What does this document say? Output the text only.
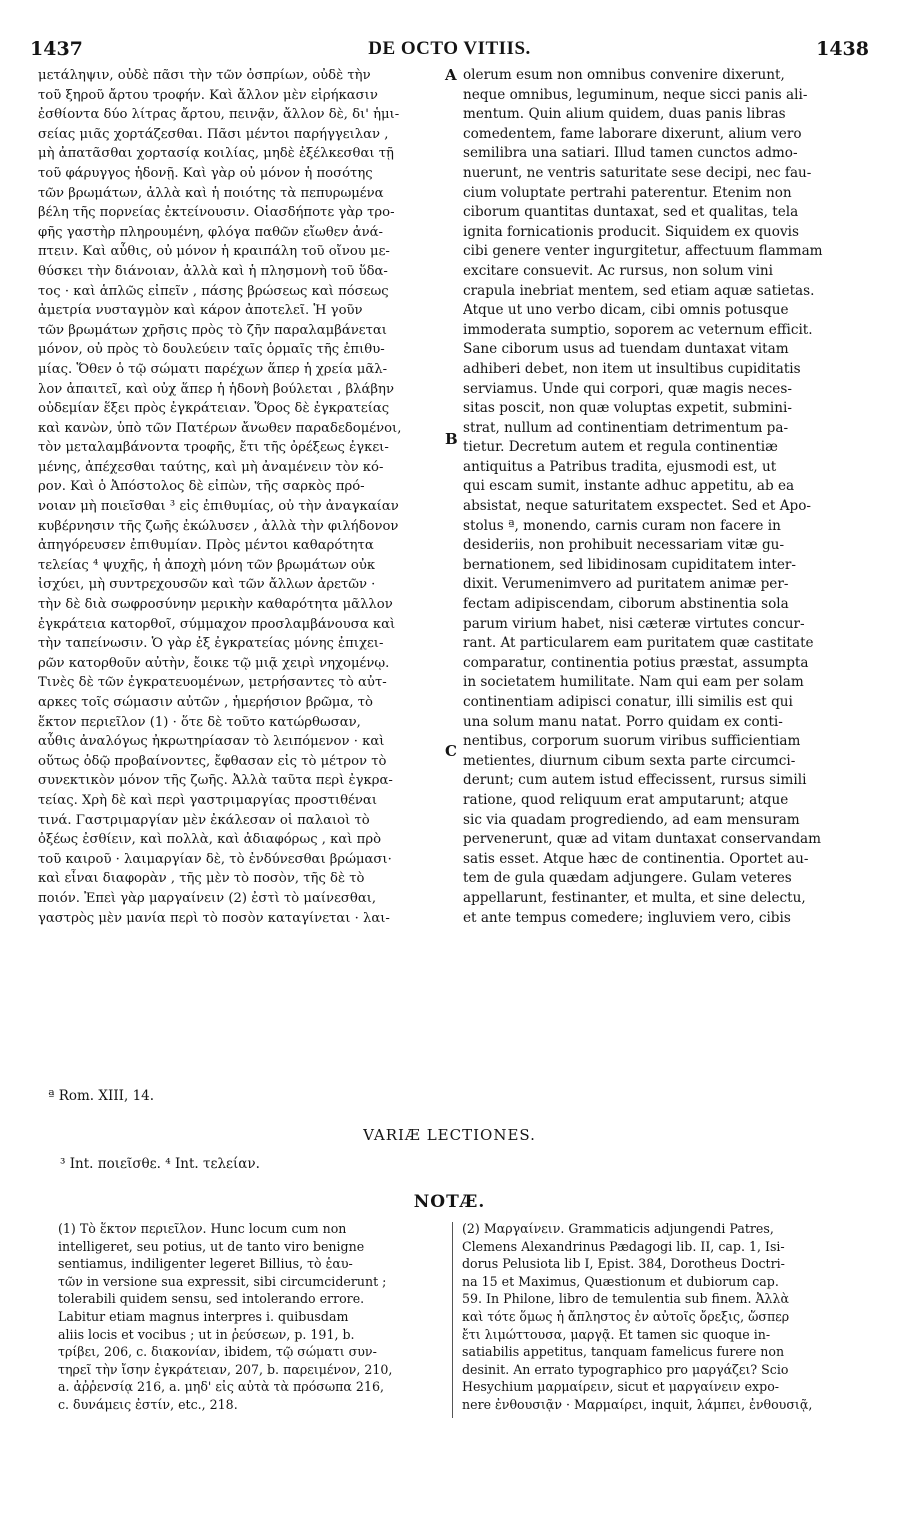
1437	DE OCTO VITIIS.	1438
A
B
C
μετάληψιν, οὐδὲ πᾶσι τὴν τῶν ὀσπρίων, οὐδὲ τὴν
τοῦ ξηροῦ ἄρτου τροφήν. Καὶ ἄλλον μὲν εἰρήκασιν
ἐσθίοντα δύο λίτρας ἄρτου, πεινᾷν, ἄλλον δὲ, δι' ἡμι-
σείας μιᾶς χορτάζεσθαι. Πᾶσι μέντοι παρήγγειλαν ,
μὴ ἀπατᾶσθαι χορτασίᾳ κοιλίας, μηδὲ ἐξέλκεσθαι τῇ
τοῦ φάρυγγος ἡδονῇ. Καὶ γὰρ οὐ μόνον ἡ ποσότης
τῶν βρωμάτων, ἀλλὰ καὶ ἡ ποιότης τὰ πεπυρωμένα
βέλη τῆς πορνείας ἐκτείνουσιν. Οἱασδήποτε γὰρ τρο-
φῆς γαστὴρ πληρουμένη, φλόγα παθῶν εἴωθεν ἀνά-
πτειν. Καὶ αὖθις, οὐ μόνον ἡ κραιπάλη τοῦ οἴνου με-
θύσκει τὴν διάνοιαν, ἀλλὰ καὶ ἡ πλησμονὴ τοῦ ὕδα-
τος · καὶ ἁπλῶς εἰπεῖν , πάσης βρώσεως καὶ πόσεως
ἀμετρία νυσταγμὸν καὶ κάρον ἀποτελεῖ. Ἡ γοῦν
τῶν βρωμάτων χρῆσις πρὸς τὸ ζῆν παραλαμβάνεται
μόνον, οὐ πρὸς τὸ δουλεύειν ταῖς ὁρμαῖς τῆς ἐπιθυ-
μίας. Ὅθεν ὁ τῷ σώματι παρέχων ἅπερ ἡ χρεία μᾶλ-
λον ἀπαιτεῖ, καὶ οὐχ ἅπερ ἡ ἡδονὴ βούλεται , βλάβην
οὐδεμίαν ἕξει πρὸς ἐγκράτειαν. Ὅρος δὲ ἐγκρατείας
καὶ κανὼν, ὑπὸ τῶν Πατέρων ἄνωθεν παραδεδομένοι,
τὸν μεταλαμβάνοντα τροφῆς, ἔτι τῆς ὀρέξεως ἐγκει-
μένης, ἀπέχεσθαι ταύτης, καὶ μὴ ἀναμένειν τὸν κό-
ρον. Καὶ ὁ Ἀπόστολος δὲ εἰπὼν, τῆς σαρκὸς πρό-
νοιαν μὴ ποιεῖσθαι ³ εἰς ἐπιθυμίας, οὐ τὴν ἀναγκαίαν
κυβέρνησιν τῆς ζωῆς ἐκώλυσεν , ἀλλὰ τὴν φιλήδονον
ἀπηγόρευσεν ἐπιθυμίαν. Πρὸς μέντοι καθαρότητα
τελείας ⁴ ψυχῆς, ἡ ἀποχὴ μόνη τῶν βρωμάτων οὐκ
ἰσχύει, μὴ συντρεχουσῶν καὶ τῶν ἄλλων ἀρετῶν ·
τὴν δὲ διὰ σωφροσύνην μερικὴν καθαρότητα μᾶλλον
ἐγκράτεια κατορθοῖ, σύμμαχον προσλαμβάνουσα καὶ
τὴν ταπείνωσιν. Ὁ γὰρ ἐξ ἐγκρατείας μόνης ἐπιχει-
ρῶν κατορθοῦν αὐτὴν, ἔοικε τῷ μιᾷ χειρὶ νηχομένῳ.
Τινὲς δὲ τῶν ἐγκρατευομένων, μετρήσαντες τὸ αὐτ-
αρκες τοῖς σώμασιν αὐτῶν , ἡμερήσιον βρῶμα, τὸ
ἕκτον περιεῖλον (1) · ὅτε δὲ τοῦτο κατώρθωσαν,
αὖθις ἀναλόγως ἠκρωτηρίασαν τὸ λειπόμενον · καὶ
οὕτως ὁδῷ προβαίνοντες, ἔφθασαν εἰς τὸ μέτρον τὸ
συνεκτικὸν μόνον τῆς ζωῆς. Ἀλλὰ ταῦτα περὶ ἐγκρα-
τείας. Χρὴ δὲ καὶ περὶ γαστριμαργίας προστιθέναι
τινά. Γαστριμαργίαν μὲν ἐκάλεσαν οἱ παλαιοὶ τὸ
ὀξέως ἐσθίειν, καὶ πολλὰ, καὶ ἀδιαφόρως , καὶ πρὸ
τοῦ καιροῦ · λαιμαργίαν δὲ, τὸ ἐνδύνεσθαι βρώμασι·
καὶ εἶναι διαφορὰν , τῆς μὲν τὸ ποσὸν, τῆς δὲ τὸ
ποιόν. Ἐπεὶ γὰρ μαργαίνειν (2) ἐστὶ τὸ μαίνεσθαι,
γαστρὸς μὲν μανία περὶ τὸ ποσὸν καταγίνεται · λαι-
olerum esum non omnibus convenire dixerunt,
neque omnibus, leguminum, neque sicci panis ali-
mentum. Quin alium quidem, duas panis libras
comedentem, fame laborare dixerunt, alium vero
semilibra una satiari. Illud tamen cunctos admo-
nuerunt, ne ventris saturitate sese decipi, nec fau-
cium voluptate pertrahi paterentur. Etenim non
ciborum quantitas duntaxat, sed et qualitas, tela
ignita fornicationis producit. Siquidem ex quovis
cibi genere venter ingurgitetur, affectuum flammam
excitare consuevit. Ac rursus, non solum vini
crapula inebriat mentem, sed etiam aquæ satietas.
Atque ut uno verbo dicam, cibi omnis potusque
immoderata sumptio, soporem ac veternum efficit.
Sane ciborum usus ad tuendam duntaxat vitam
adhiberi debet, non item ut insultibus cupiditatis
serviamus. Unde qui corpori, quæ magis neces-
sitas poscit, non quæ voluptas expetit, submini-
strat, nullum ad continentiam detrimentum pa-
tietur. Decretum autem et regula continentiæ
antiquitus a Patribus tradita, ejusmodi est, ut
qui escam sumit, instante adhuc appetitu, ab ea
absistat, neque saturitatem exspectet. Sed et Apo-
stolus ª, monendo, carnis curam non facere in
desideriis, non prohibuit necessariam vitæ gu-
bernationem, sed libidinosam cupiditatem inter-
dixit. Verumenimvero ad puritatem animæ per-
fectam adipiscendam, ciborum abstinentia sola
parum virium habet, nisi cæteræ virtutes concur-
rant. At particularem eam puritatem quæ castitate
comparatur, continentia potius præstat, assumpta
in societatem humilitate. Nam qui eam per solam
continentiam adipisci conatur, illi similis est qui
una solum manu natat. Porro quidam ex conti-
nentibus, corporum suorum viribus sufficientiam
metientes, diurnum cibum sexta parte circumci-
derunt; cum autem istud effecissent, rursus simili
ratione, quod reliquum erat amputarunt; atque
sic via quadam progrediendo, ad eam mensuram
pervenerunt, quæ ad vitam duntaxat conservandam
satis esset. Atque hæc de continentia. Oportet au-
tem de gula quædam adjungere. Gulam veteres
appellarunt, festinanter, et multa, et sine delectu,
et ante tempus comedere; ingluviem vero, cibis
ª Rom. XIII, 14.
VARIÆ LECTIONES.
³ Int. ποιεῖσθε. ⁴ Int. τελείαν.
NOTÆ.
(1) Τὸ ἕκτον περιεῖλον. Hunc locum cum non
intelligeret, seu potius, ut de tanto viro benigne
sentiamus, indiligenter legeret Billius, τὸ ἑαυ-
τῶν in versione sua expressit, sibi circumciderunt ;
tolerabili quidem sensu, sed intolerando errore.
Labitur etiam magnus interpres i. quibusdam
aliis locis et vocibus ; ut in ῥεύσεων, p. 191, b.
τρίβει, 206, c. διακονίαν, ibidem, τῷ σώματι συν-
τηρεῖ τὴν ἴσην ἐγκράτειαν, 207, b. παρειμένον, 210,
a. ἀῤῥενσίᾳ 216, a. μηδ' εἰς αὐτὰ τὰ πρόσωπα 216,
c. δυνάμεις ἐστίν, etc., 218.
(2) Μαργαίνειν. Grammaticis adjungendi Patres,
Clemens Alexandrinus Pædagogi lib. II, cap. 1, Isi-
dorus Pelusiota lib I, Epist. 384, Dorotheus Doctri-
na 15 et Maximus, Quæstionum et dubiorum cap.
59. In Philone, libro de temulentia sub finem. Ἀλλὰ
καὶ τότε ὅμως ἡ ἄπληστος ἐν αὐτοῖς ὄρεξις, ὥσπερ
ἔτι λιμώττουσα, μαργᾷ. Et tamen sic quoque in-
satiabilis appetitus, tanquam famelicus furere non
desinit. An errato typographico pro μαργάζει? Scio
Hesychium μαρμαίρειν, sicut et μαργαίνειν expo-
nere ἐνθουσιᾷν · Μαρμαίρει, inquit, λάμπει, ἐνθουσιᾷ,
